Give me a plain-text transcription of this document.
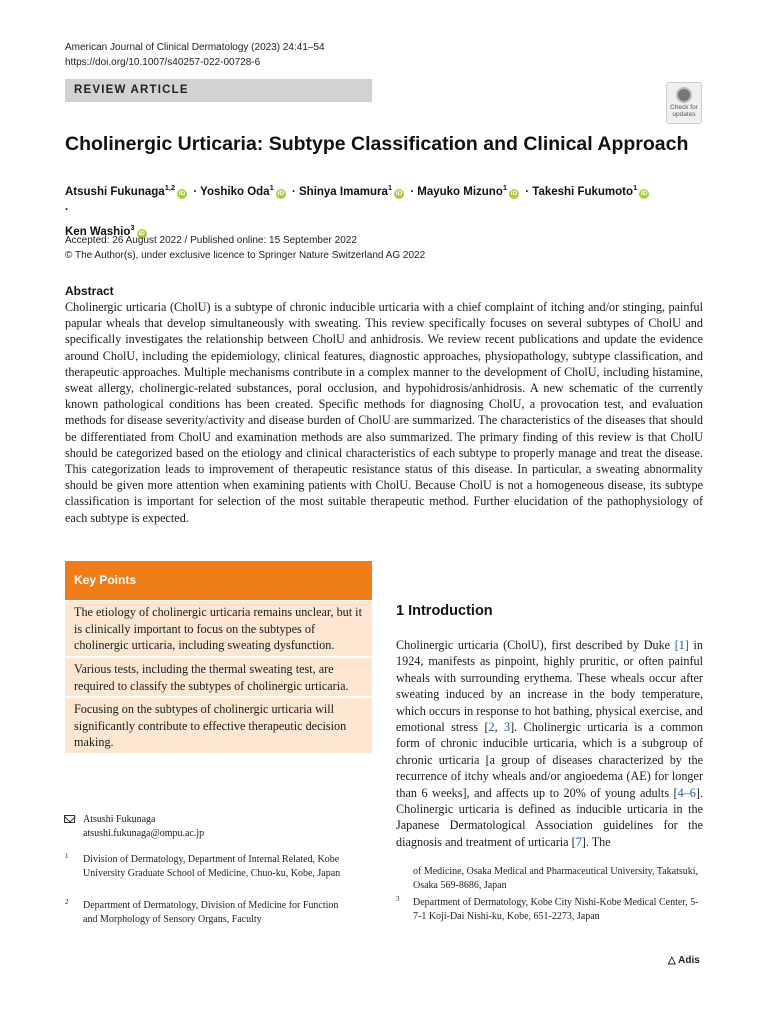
American Journal of Clinical Dermatology (2023) 24:41–54
https://doi.org/10.1007/s40257-022-00728-6
REVIEW ARTICLE
Check for
updates
Cholinergic Urticaria: Subtype Classification and Clinical Approach
Atsushi Fukunaga$^{1,2}$iD · Yoshiko Oda$^1$iD · Shinya Imamura$^1$iD · Mayuko Mizuno$^1$iD · Takeshi Fukumoto$^1$iD ·
Ken Washio$^3$iD
Accepted: 26 August 2022 / Published online: 15 September 2022
© The Author(s), under exclusive licence to Springer Nature Switzerland AG 2022
Abstract
Cholinergic urticaria (CholU) is a subtype of chronic inducible urticaria with a chief complaint of itching and/or stinging, painful papular wheals that develop simultaneously with sweating. This review specifically focuses on several subtypes of CholU and specifically investigates the relationship between CholU and anhidrosis. We review recent publications and update the evidence around CholU, including the epidemiology, clinical features, diagnostic approaches, physiopathology, subtype classification, and therapeutic approaches. Multiple mechanisms contribute in a complex manner to the development of CholU, including histamine, sweat allergy, cholinergic-related substances, poral occlusion, and hypohidrosis/anhidrosis. A new schematic of the currently known pathological conditions has been created. Specific methods for diagnosing CholU, a provocation test, and evaluation methods for disease severity/activity and disease burden of CholU are summarized. The characteristics of the diseases that should be differentiated from CholU and examination methods are also summarized. The primary finding of this review is that CholU should be categorized based on the etiology and clinical characteristics of each subtype to properly manage and treat the disease. This categorization leads to improvement of therapeutic resistance status of this disease. In particular, a sweating abnormality should be given more attention when examining patients with CholU. Because CholU is not a homogeneous disease, its subtype classification is important for selection of the most suitable therapeutic method. Further elucidation of the pathophysiology of each subtype is expected.
Key Points
The etiology of cholinergic urticaria remains unclear, but it is clinically important to focus on the subtypes of cholinergic urticaria, including sweating dysfunction.
Various tests, including the thermal sweating test, are required to classify the subtypes of cholinergic urticaria.
Focusing on the subtypes of cholinergic urticaria will significantly contribute to effective therapeutic decision making.
1 Introduction
Cholinergic urticaria (CholU), first described by Duke [1] in 1924, manifests as pinpoint, highly pruritic, or often painful wheals with surrounding erythema. These wheals occur after sweating induced by an increase in the body temperature, which occurs in response to hot bathing, physical exercise, and emotional stress [2, 3]. Cholinergic urticaria is a common form of chronic inducible urticaria, which is a subgroup of chronic urticaria [a group of diseases characterized by the recurrence of itchy wheals and/or angioedema (AE) for longer than 6 weeks], and affects up to 20% of young adults [4–6]. Cholinergic urticaria is defined as inducible urticaria in the Japanese Dermatological Association guidelines for the diagnosis and treatment of urticaria [7]. The
Atsushi Fukunaga
atsushi.fukunaga@ompu.ac.jp
1 Division of Dermatology, Department of Internal Related, Kobe University Graduate School of Medicine, Chuo-ku, Kobe, Japan
2 Department of Dermatology, Division of Medicine for Function and Morphology of Sensory Organs, Faculty
of Medicine, Osaka Medical and Pharmaceutical University, Takatsuki, Osaka 569-8686, Japan
3 Department of Dermatology, Kobe City Nishi-Kobe Medical Center, 5-7-1 Koji-Dai Nishi-ku, Kobe, 651-2273, Japan
△ Adis
